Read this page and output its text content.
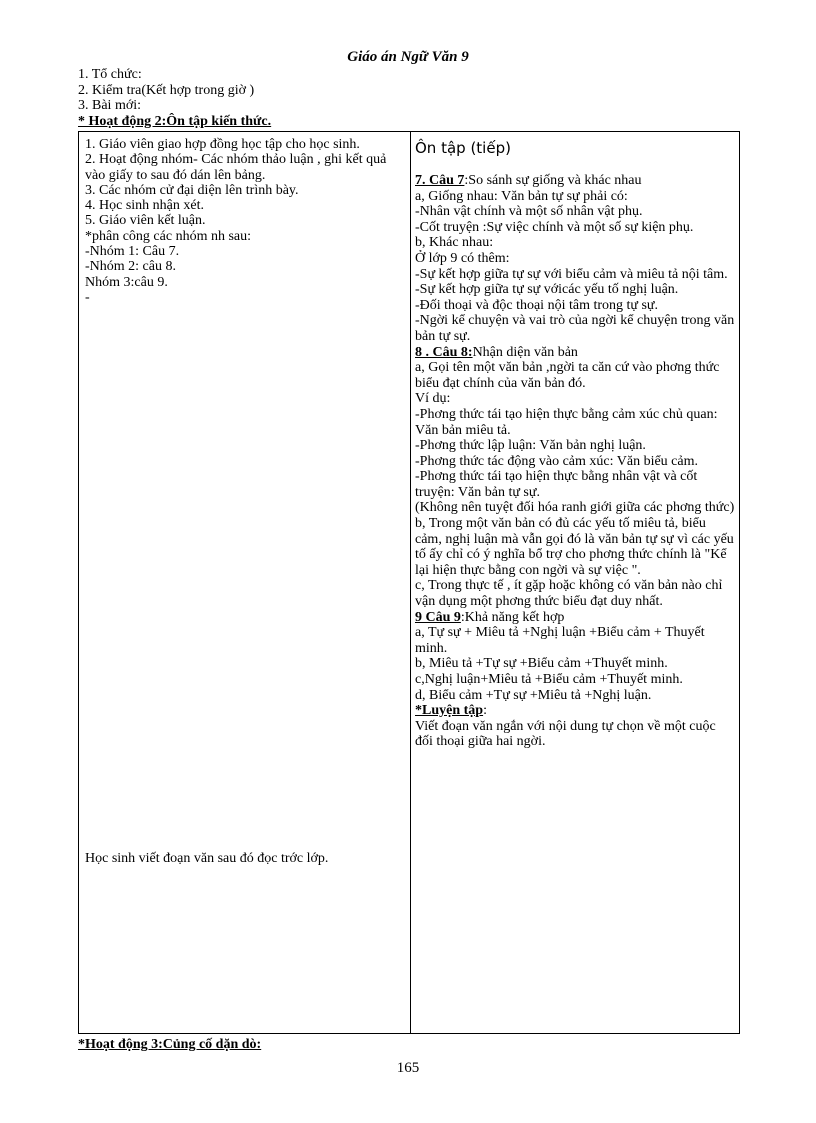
Giáo án Ngữ Văn 9
1. Tổ chức:
2. Kiểm tra(Kết hợp trong giờ )
3. Bài mới:
* Hoạt động 2:Ôn tập kiến thức.
1. Giáo viên giao hợp đồng học tập cho học sinh.
2. Hoạt động nhóm- Các nhóm thảo luận , ghi kết quả vào giấy to sau đó dán lên bảng.
3. Các nhóm cử đại diện lên trình bày.
4. Học sinh nhận xét.
5. Giáo viên kết luận.
*phân công các nhóm nh sau:
-Nhóm 1: Câu 7.
-Nhóm 2: câu 8.
Nhóm 3:câu 9.
-
Học sinh viết đoạn văn sau đó đọc trớc lớp.
Ôn tập (tiếp)
7. Câu 7:So sánh sự giống và khác nhau
a, Giống nhau: Văn bản tự sự phải có:
-Nhân vật chính và một số nhân vật phụ.
-Cốt truyện :Sự việc chính và một số sự kiện phụ.
b, Khác nhau:
Ở lớp 9 có thêm:
-Sự kết hợp giữa tự sự với biểu cảm và miêu tả nội tâm.
-Sự kết hợp giữa tự sự vớicác yếu tố nghị luận.
-Đối thoại và độc thoại nội tâm trong tự sự.
-Ngời kể chuyện và vai trò của ngời kể chuyện trong văn bản tự sự.
8 . Câu 8:Nhận diện văn bản
a, Gọi tên một văn bản ,ngời ta căn cứ vào phơng thức biểu đạt chính của văn bản đó.
Ví dụ:
-Phơng thức tái tạo hiện thực bằng cảm xúc chủ quan: Văn bản miêu tả.
-Phơng thức lập luận: Văn bản nghị luận.
-Phơng thức tác động vào cảm xúc: Văn biểu cảm.
-Phơng thức tái tạo hiện thực bằng nhân vật và cốt truyện: Văn bản tự sự.
(Không nên tuyệt đối hóa ranh giới giữa các phơng thức)
b, Trong một văn bản có đủ các yếu tố miêu tả, biểu cảm, nghị luận mà vẫn gọi đó là văn bản tự sự vì các yếu tố ấy chỉ có ý nghĩa bổ trợ cho phơng thức chính là "Kể lại hiện thực bằng con ngời và sự việc ".
c, Trong thực tế , ít gặp hoặc không có văn bản nào chỉ vận dụng một phơng thức biểu đạt duy nhất.
9 Câu 9:Khả năng kết hợp
a, Tự sự + Miêu tả +Nghị luận +Biểu cảm + Thuyết minh.
b, Miêu tả +Tự sự +Biểu cảm +Thuyết minh.
c,Nghị luận+Miêu tả +Biểu cảm +Thuyết minh.
d, Biểu cảm +Tự sự +Miêu tả +Nghị luận.
*Luyện tập:
Viết đoạn văn ngắn với nội dung tự chọn về một cuộc đối thoại giữa hai ngời.
*Hoạt động 3:Củng cố dặn dò:
165
